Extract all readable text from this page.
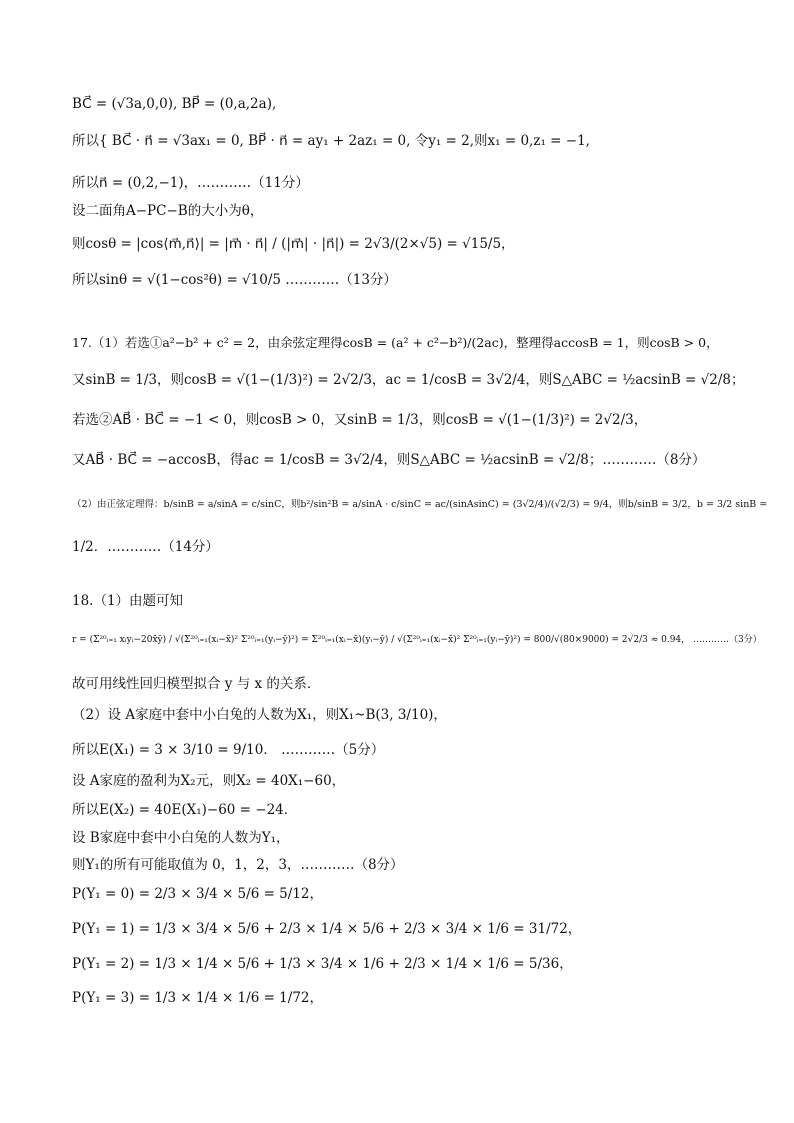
BC⃗ = (√3a,0,0), BP⃗ = (0,a,2a),
所以{ BC⃗ · n⃗ = √3ax₁ = 0, BP⃗ · n⃗ = ay₁ + 2az₁ = 0, 令y₁ = 2,则x₁ = 0,z₁ = −1,
所以n⃗ = (0,2,−1)，…………（11分）
设二面角A−PC−B的大小为θ，
则cosθ = |cos⟨m⃗,n⃗⟩| = |m⃗ · n⃗| / (|m⃗| · |n⃗|) = 2√3/(2×√5) = √15/5，
所以sinθ = √(1−cos²θ) = √10/5 …………（13分）
17.（1）若选①a²−b² + c² = 2，由余弦定理得cosB = (a² + c²−b²)/(2ac)，整理得accosB = 1，则cosB > 0，
又sinB = 1/3，则cosB = √(1−(1/3)²) = 2√2/3，ac = 1/cosB = 3√2/4，则S△ABC = ½acsinB = √2/8；
若选②AB⃗ · BC⃗ = −1 < 0，则cosB > 0，又sinB = 1/3，则cosB = √(1−(1/3)²) = 2√2/3，
又AB⃗ · BC⃗ = −accosB，得ac = 1/cosB = 3√2/4，则S△ABC = ½acsinB = √2/8；…………（8分）
（2）由正弦定理得：b/sinB = a/sinA = c/sinC，则b²/sin²B = a/sinA · c/sinC = ac/(sinAsinC) = (3√2/4)/(√2/3) = 9/4，则b/sinB = 3/2，b = 3/2 sinB =
1/2．…………（14分）
18.（1）由题可知
r = (Σ²⁰ᵢ₌₁ xᵢyᵢ−20x̄ȳ) / √(Σ²⁰ᵢ₌₁(xᵢ−x̄)² Σ²⁰ᵢ₌₁(yᵢ−ȳ)²) = Σ²⁰ᵢ₌₁(xᵢ−x̄)(yᵢ−ȳ) / √(Σ²⁰ᵢ₌₁(xᵢ−x̄)² Σ²⁰ᵢ₌₁(yᵢ−ȳ)²) = 800/√(80×9000) = 2√2/3 ≈ 0.94， …………（3分）
故可用线性回归模型拟合 y 与 x 的关系．
（2）设 A家庭中套中小白兔的人数为X₁，则X₁~B(3, 3/10)，
所以E(X₁) = 3 × 3/10 = 9/10． …………（5分）
设 A家庭的盈利为X₂元，则X₂ = 40X₁−60，
所以E(X₂) = 40E(X₁)−60 = −24．
设 B家庭中套中小白兔的人数为Y₁，
则Y₁的所有可能取值为 0，1，2，3，…………（8分）
P(Y₁ = 0) = 2/3 × 3/4 × 5/6 = 5/12，
P(Y₁ = 1) = 1/3 × 3/4 × 5/6 + 2/3 × 1/4 × 5/6 + 2/3 × 3/4 × 1/6 = 31/72，
P(Y₁ = 2) = 1/3 × 1/4 × 5/6 + 1/3 × 3/4 × 1/6 + 2/3 × 1/4 × 1/6 = 5/36，
P(Y₁ = 3) = 1/3 × 1/4 × 1/6 = 1/72，
